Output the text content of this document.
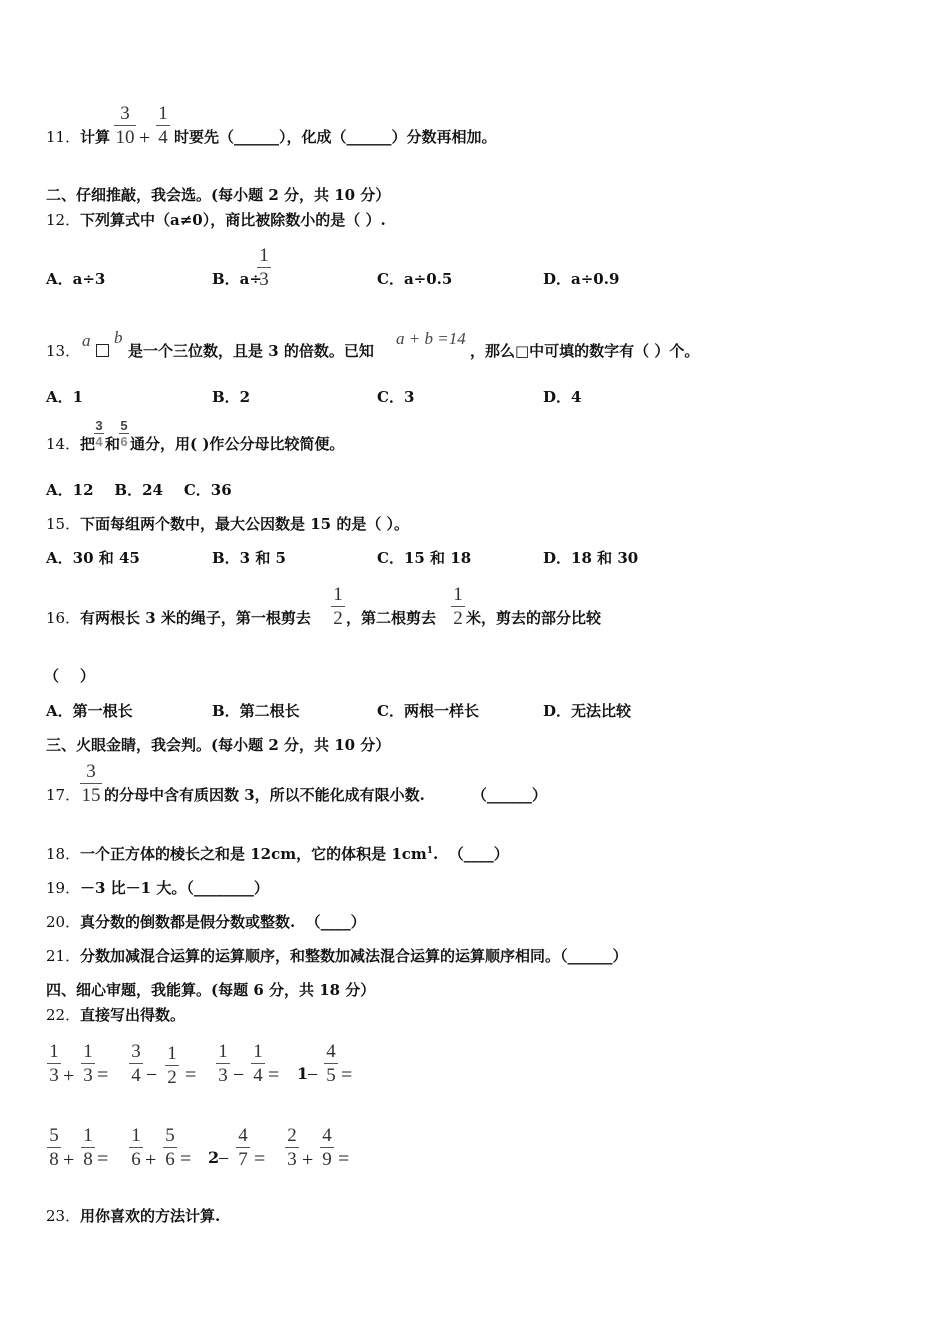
11． 计算
3
10 +
1
4 时要先（______），化成（______）分数再相加。
二、仔细推敲，我会选。(每小题 2 分，共 10 分）
12． 下列算式中（a≠0），商比被除数小的是（ ）.
A．a÷3	B．a÷
1
3	C．a÷0.5	D．a÷0.9
13．
a b
是一个三位数，且是 3 的倍数。已知
a + b =14
，那么□中可填的数字有（ ）个。
A．1	B．2	C．3	D．4
14． 把
3
4 和
5
6 通分，用( )作公分母比较简便。
A．12    B．24    C．36
15． 下面每组两个数中，最大公因数是 15 的是（ ）。
A．30 和 45	B．3 和 5	C．15 和 18	D．18 和 30
16． 有两根长 3 米的绳子，第一根剪去
1
2 ，第二根剪去
1
2 米，剪去的部分比较
（    ）
A．第一根长	B．第二根长	C．两根一样长	D．无法比较
三、火眼金睛，我会判。(每小题 2 分，共 10 分）
17．
3
15 的分母中含有质因数 3，所以不能化成有限小数.         （______）
18． 一个正方体的棱长之和是 12cm，它的体积是 $1cm^1$.  （____）
19． －3 比－1 大。（________）
20． 真分数的倒数都是假分数或整数.  （____）
21． 分数加减混合运算的运算顺序，和整数加减法混合运算的运算顺序相同。（______）
四、细心审题，我能算。(每题 6 分，共 18 分）
22． 直接写出得数。
1
3 +
1
3 =
3
4 −
1
2 =
1
3 −
1
4 = 1
−
4
5 =
5
8 +
1
8 =
1
6 +
5
6 = 2
−
4
7 =
2
3 +
4
9 =
23． 用你喜欢的方法计算.
